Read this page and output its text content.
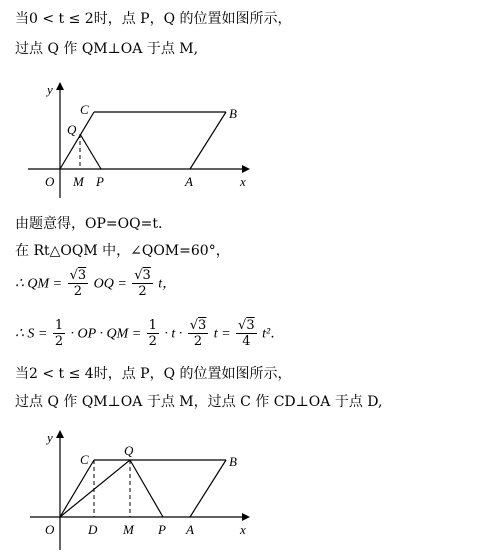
当0 < t ≤ 2时，点 P，Q 的位置如图所示，
过点 Q 作 QM⊥OA 于点 M,
y
x
O M P	A
C	B
Q
由题意得，OP=OQ=t.
在 Rt△OQM 中，∠QOM=60°，
∴ QM = $\frac{√3}{2}$ OQ = $\frac{√3}{2}$ t，
∴ $S = \frac{1}{2}$ · OP · QM = $\frac{1}{2} \cdot t \cdot \frac{√3}{2}$ $t = \frac{√3}{4} t^2$．
当2 < t ≤ 4时，点 P，Q 的位置如图所示，
过点 Q 作 QM⊥OA 于点 M，过点 C 作 CD⊥OA 于点 D,
y
x
O	D M P A
C	B
Q
